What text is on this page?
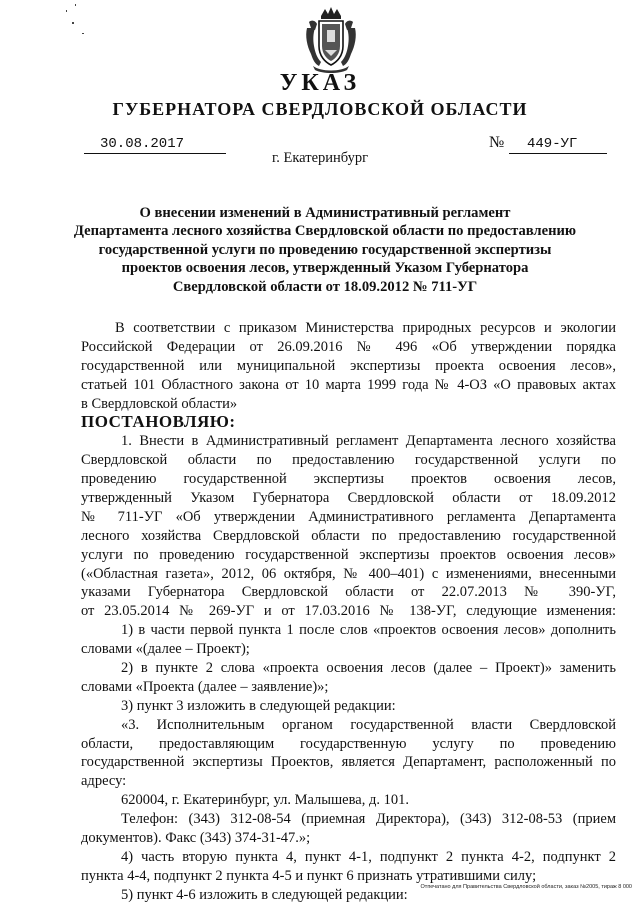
УКАЗ
ГУБЕРНАТОРА СВЕРДЛОВСКОЙ ОБЛАСТИ
30.08.2017	№	449-УГ
г. Екатеринбург
О внесении изменений в Административный регламент
Департамента лесного хозяйства Свердловской области по предоставлению
государственной услуги по проведению государственной экспертизы
проектов освоения лесов, утвержденный Указом Губернатора
Свердловской области от 18.09.2012 № 711-УГ
В соответствии с приказом Министерства природных ресурсов и экологии
Российской Федерации от 26.09.2016 № 496 «Об утверждении порядка
государственной или муниципальной экспертизы проекта освоения лесов»,
статьей 101 Областного закона от 10 марта 1999 года № 4-ОЗ «О правовых актах
в Свердловской области»
ПОСТАНОВЛЯЮ:
1. Внести в Административный регламент Департамента лесного хозяйства
Свердловской области по предоставлению государственной услуги по
проведению государственной экспертизы проектов освоения лесов,
утвержденный Указом Губернатора Свердловской области от 18.09.2012
№ 711-УГ «Об утверждении Административного регламента Департамента
лесного хозяйства Свердловской области по предоставлению государственной
услуги по проведению государственной экспертизы проектов освоения лесов»
(«Областная газета», 2012, 06 октября, № 400–401) с изменениями, внесенными
указами Губернатора Свердловской области от 22.07.2013 № 390-УГ,
от 23.05.2014 № 269-УГ и от 17.03.2016 № 138-УГ, следующие изменения:
1) в части первой пункта 1 после слов «проектов освоения лесов» дополнить
словами «(далее – Проект);
2) в пункте 2 слова «проекта освоения лесов (далее – Проект)» заменить
словами «Проекта (далее – заявление)»;
3) пункт 3 изложить в следующей редакции:
«3. Исполнительным органом государственной власти Свердловской
области, предоставляющим государственную услугу по проведению
государственной экспертизы Проектов, является Департамент, расположенный по
адресу:
620004, г. Екатеринбург, ул. Малышева, д. 101.
Телефон: (343) 312-08-54 (приемная Директора), (343) 312-08-53 (прием
документов). Факс (343) 374-31-47.»;
4) часть вторую пункта 4, пункт 4-1, подпункт 2 пункта 4-2, подпункт 2
пункта 4-4, подпункт 2 пункта 4-5 и пункт 6 признать утратившими силу;
5) пункт 4-6 изложить в следующей редакции:	Отпечатано для Правительства Свердловской области, заказ №2005, тираж 8 000
